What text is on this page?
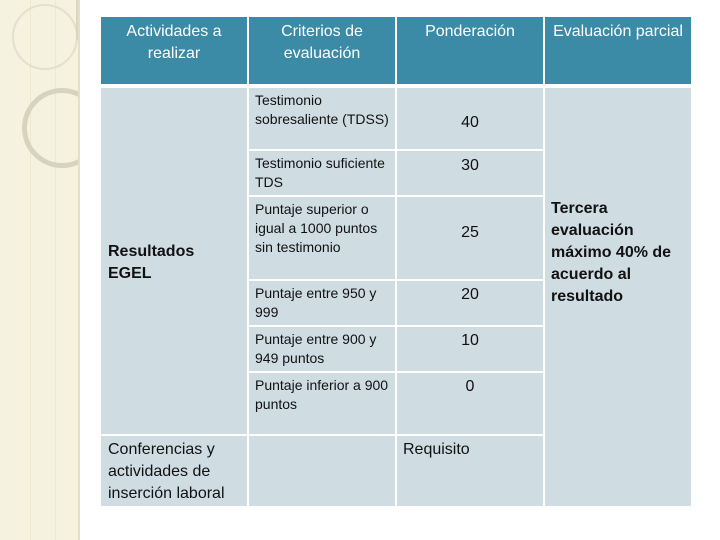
Actividades a realizar
Criterios de evaluación
Ponderación	Evaluación parcial
Resultados EGEL
Conferencias y actividades de inserción laboral
Testimonio sobresaliente (TDSS)
Testimonio suficiente TDS
Puntaje superior o igual a 1000 puntos sin testimonio
Puntaje entre 950 y 999
Puntaje entre 900 y 949 puntos
Puntaje inferior a 900 puntos
40
30
25
20
10
0
Requisito
Tercera evaluación máximo 40% de acuerdo al resultado
